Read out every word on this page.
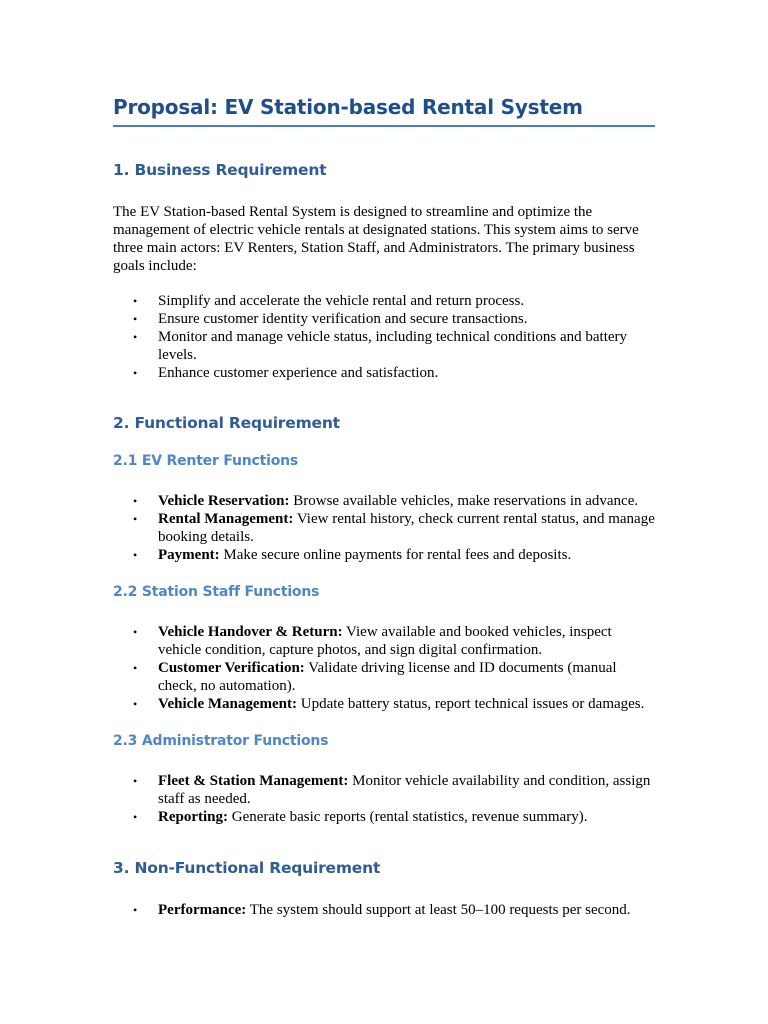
Proposal: EV Station-based Rental System
1. Business Requirement

The EV Station-based Rental System is designed to streamline and optimize the management of electric vehicle rentals at designated stations. This system aims to serve three main actors: EV Renters, Station Staff, and Administrators. The primary business goals include:

• Simplify and accelerate the vehicle rental and return process.
• Ensure customer identity verification and secure transactions.
• Monitor and manage vehicle status, including technical conditions and battery levels.
• Enhance customer experience and satisfaction.
2. Functional Requirement
2.1 EV Renter Functions
• Vehicle Reservation: Browse available vehicles, make reservations in advance.
• Rental Management: View rental history, check current rental status, and manage booking details.
• Payment: Make secure online payments for rental fees and deposits.
2.2 Station Staff Functions
• Vehicle Handover & Return: View available and booked vehicles, inspect vehicle condition, capture photos, and sign digital confirmation.
• Customer Verification: Validate driving license and ID documents (manual check, no automation).
• Vehicle Management: Update battery status, report technical issues or damages.
2.3 Administrator Functions
• Fleet & Station Management: Monitor vehicle availability and condition, assign staff as needed.
• Reporting: Generate basic reports (rental statistics, revenue summary).
3. Non-Functional Requirement
• Performance: The system should support at least 50–100 requests per second.
